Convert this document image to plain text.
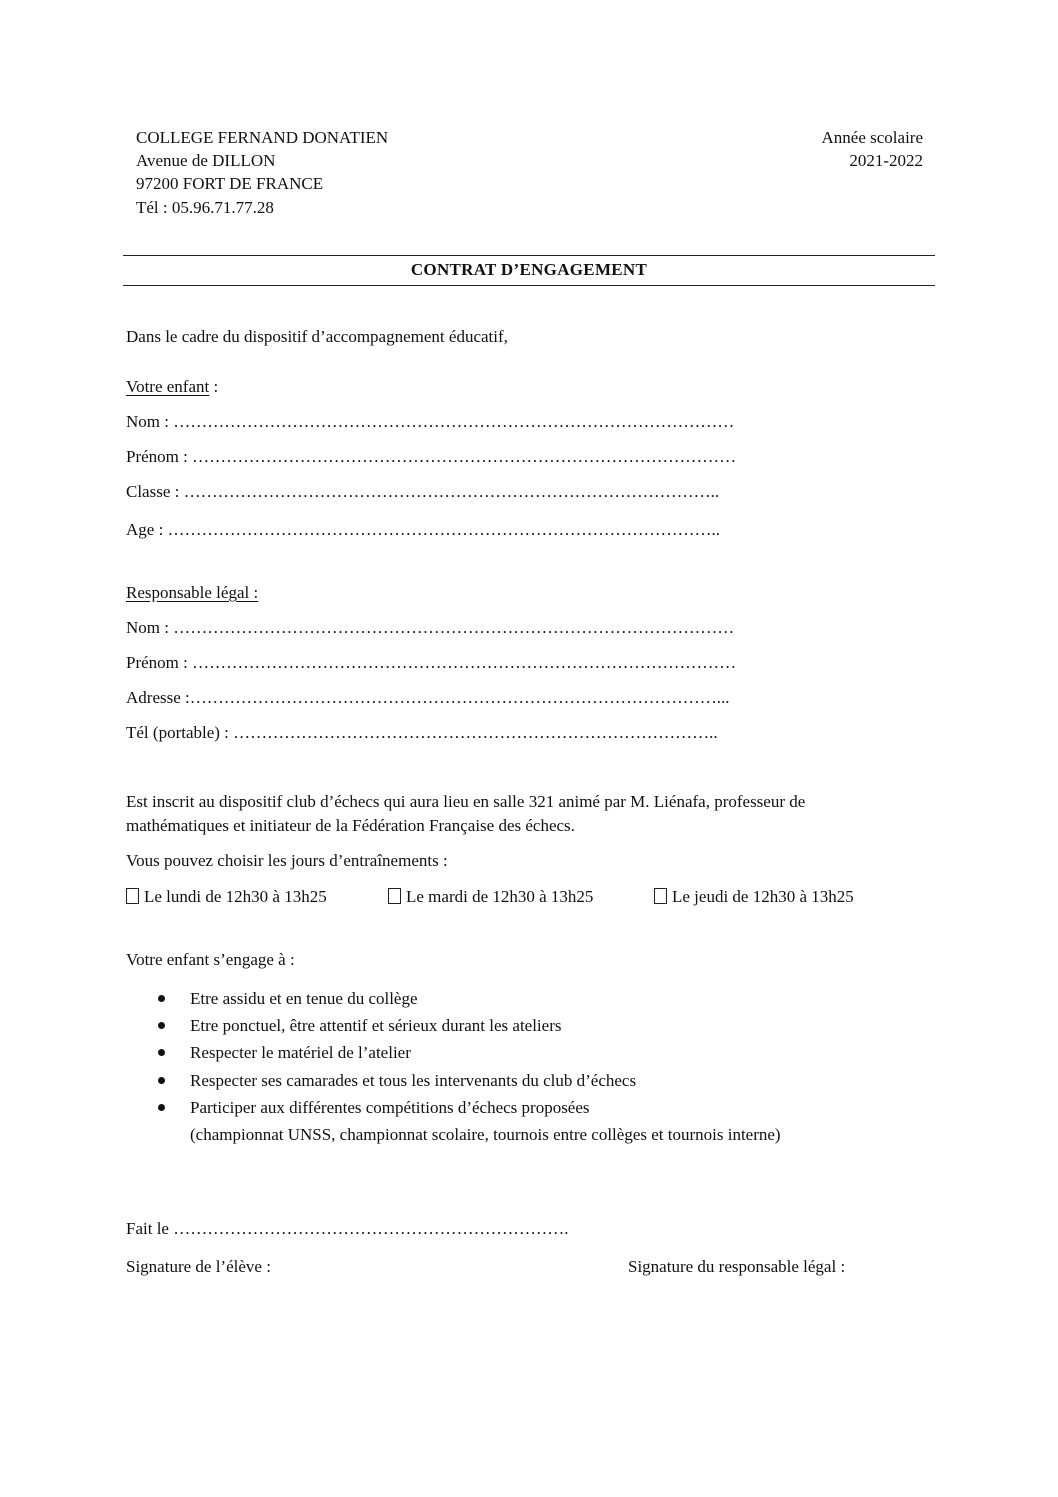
COLLEGE FERNAND DONATIEN
Avenue de DILLON
97200 FORT DE FRANCE
Tél : 05.96.71.77.28
Année scolaire
2021-2022
CONTRAT D’ENGAGEMENT
Dans le cadre du dispositif d’accompagnement éducatif,
Votre enfant :
Nom : ………………………………………………………………………………………
Prénom : ……………………………………………………………………………………
Classe : …………………………………………………………………………………..
Age : ……………………………………………………………………………………..
Responsable légal :
Nom : ………………………………………………………………………………………
Prénom : ……………………………………………………………………………………
Adresse :…………………………………………………………………………………...
Tél (portable) : …………………………………………………………………………..
Est inscrit au dispositif club d’échecs qui aura lieu en salle 321 animé par M. Liénafa, professeur de
mathématiques et initiateur de la Fédération Française des échecs.
Vous pouvez choisir les jours d’entraînements :
Le lundi de 12h30 à 13h25	Le mardi de 12h30 à 13h25	Le jeudi de 12h30 à 13h25
Votre enfant s’engage à :
Etre assidu et en tenue du collège
Etre ponctuel, être attentif et sérieux durant les ateliers
Respecter le matériel de l’atelier
Respecter ses camarades et tous les intervenants du club d’échecs
Participer aux différentes compétitions d’échecs proposées
(championnat UNSS, championnat scolaire, tournois entre collèges et tournois interne)
Fait le …………………………………………………………….
Signature de l’élève :	Signature du responsable légal :
